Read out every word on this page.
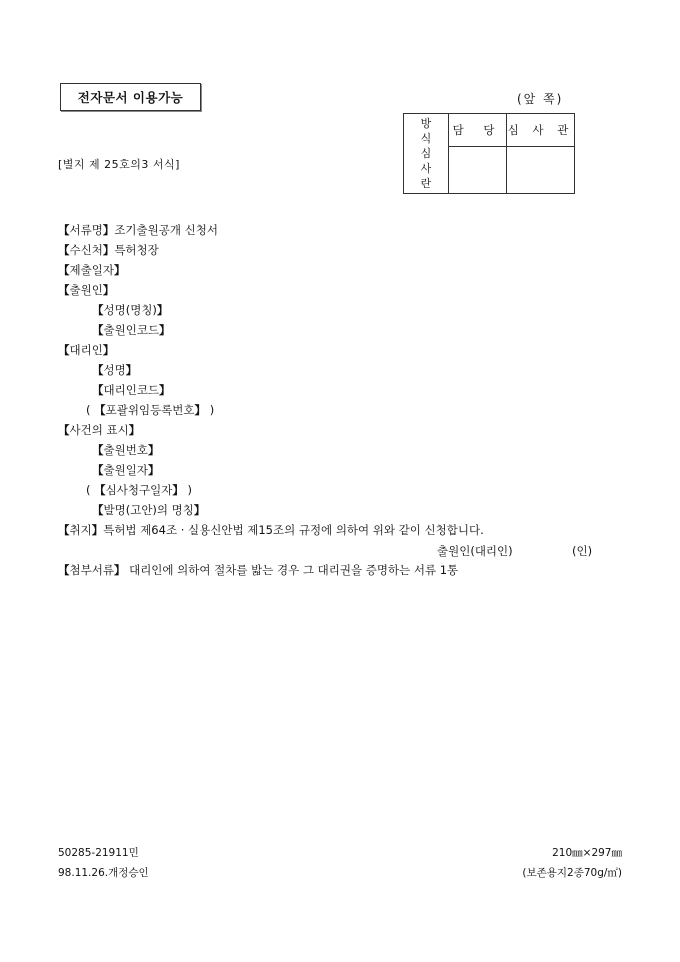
전자문서 이용가능	(앞 쪽)
방
식
심
사
란	담 당	심 사 관

[별지 제 25호의3 서식]
【서류명】조기출원공개 신청서
【수신처】특허청장
【제출일자】
【출원인】
【성명(명칭)】
【출원인코드】
【대리인】
【성명】
【대리인코드】
( 【포괄위임등록번호】 )
【사건의 표시】
【출원번호】
【출원일자】
( 【심사청구일자】 )
【발명(고안)의 명칭】
【취지】특허법 제64조 · 실용신안법 제15조의 규정에 의하여 위와 같이 신청합니다.
출원인(대리인)	(인)
【첨부서류】 대리인에 의하여 절차를 밟는 경우 그 대리권을 증명하는 서류 1통
50285-21911민
98.11.26.개정승인
210㎜×297㎜
(보존용지2종70g/㎡)
